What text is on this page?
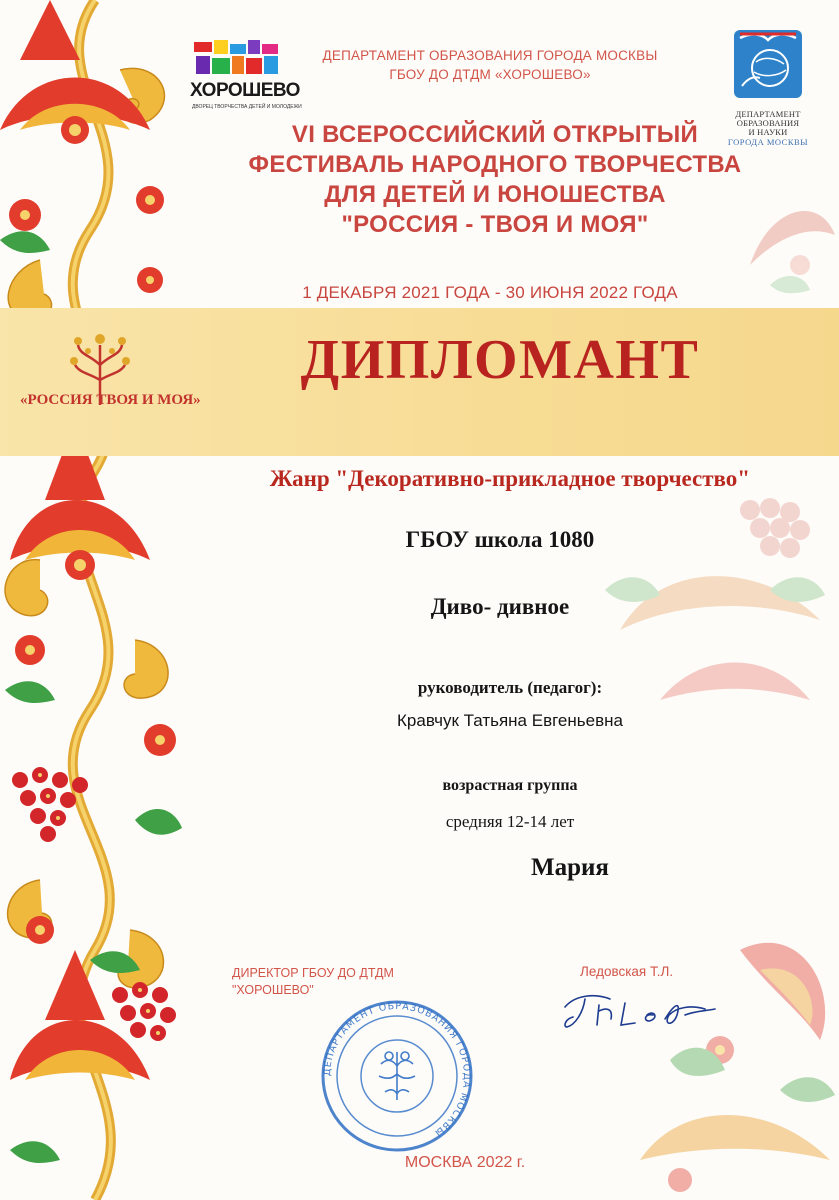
ХОРОШЕВО
ДВОРЕЦ ТВОРЧЕСТВА ДЕТЕЙ И МОЛОДЕЖИ
ДЕПАРТАМЕНТ
ОБРАЗОВАНИЯ
И НАУКИ
ГОРОДА МОСКВЫ
ДЕПАРТАМЕНТ ОБРАЗОВАНИЯ ГОРОДА МОСКВЫ
ГБОУ ДО ДТДМ «ХОРОШЕВО»
VI ВСЕРОССИЙСКИЙ ОТКРЫТЫЙ
ФЕСТИВАЛЬ НАРОДНОГО ТВОРЧЕСТВА
ДЛЯ ДЕТЕЙ И ЮНОШЕСТВА
"РОССИЯ - ТВОЯ И МОЯ"
1 ДЕКАБРЯ 2021 ГОДА - 30 ИЮНЯ 2022 ГОДА
«РОССИЯ ТВОЯ И МОЯ»
ДИПЛОМАНТ
Жанр "Декоративно-прикладное творчество"
ГБОУ школа 1080
Диво- дивное
руководитель (педагог):
Кравчук Татьяна Евгеньевна
возрастная группа
средняя 12-14 лет
Мария
ДИРЕКТОР ГБОУ ДО ДТДМ
"ХОРОШЕВО"
Ледовская Т.Л.
ДЕПАРТАМЕНТ ОБРАЗОВАНИЯ ГОРОДА МОСКВЫ
МОСКВА 2022 г.
